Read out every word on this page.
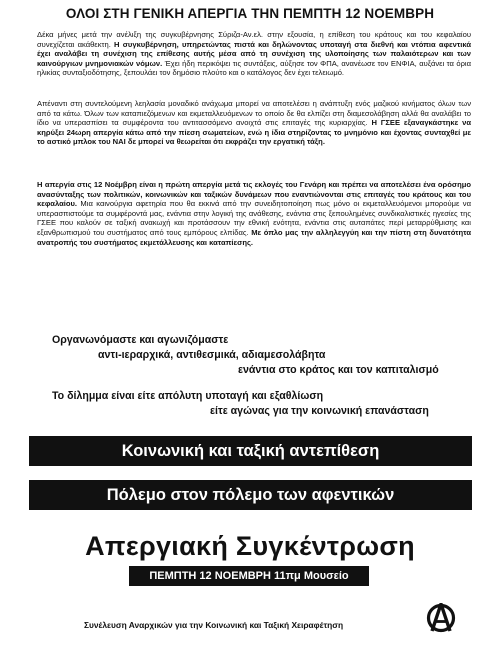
ΟΛΟΙ ΣΤΗ ΓΕΝΙΚΗ ΑΠΕΡΓΙΑ ΤΗΝ ΠΕΜΠΤΗ 12 ΝΟΕΜΒΡΗ

Δέκα μήνες μετά την ανέλιξη της συγκυβέρνησης Σύριζα-Αν.ελ. στην εξουσία, η επίθεση του κράτους και του κεφαλαίου συνεχίζεται ακάθεκτη. Η συγκυβέρνηση, υπηρετώντας πιστά και δηλώνοντας υποταγή στα διεθνή και ντόπια αφεντικά έχει αναλάβει τη συνέχιση της επίθεσης αυτής μέσα από τη συνέχιση της υλοποίησης των παλαιότερων και των καινούργιων μνημονιακών νόμων. Έχει ήδη περικόψει τις συντάξεις, αύξησε τον ΦΠΑ, ανανέωσε τον ΕΝΦΙΑ, αυξάνει τα όρια ηλικίας συνταξιοδότησης, ξεπουλάει τον δημόσιο πλούτο και ο κατάλογος δεν έχει τελειωμό.

Απέναντι στη συντελούμενη λεηλασία μοναδικό ανάχωμα μπορεί να αποτελέσει η ανάπτυξη ενός μαζικού κινήματος όλων των από τα κάτω. Όλων των καταπιεζόμενων και εκμεταλλευόμενων το οποίο δε θα ελπίζει στη διαμεσολάβηση αλλά θα αναλάβει το ίδιο να υπερασπίσει τα συμφέροντα του αντιτασσόμενο ανοιχτά στις επιταγές της κυριαρχίας. Η ΓΣΕΕ εξαναγκάστηκε να κηρύξει 24ωρη απεργία κάτω από την πίεση σωματείων, ενώ η ίδια στηρίζοντας το μνημόνιο και έχοντας συνταχθεί με το αστικό μπλοκ του ΝΑΙ δε μπορεί να θεωρείται ότι εκφράζει την εργατική τάξη.

Η απεργία στις 12 Νοέμβρη είναι η πρώτη απεργία μετά τις εκλογές του Γενάρη και πρέπει να αποτελέσει ένα ορόσημο ανασύνταξης των πολιτικών, κοινωνικών και ταξικών δυνάμεων που εναντιώνονται στις επιταγές του κράτους και του κεφαλαίου. Μια καινούργια αφετηρία που θα εκκινά από την συνειδητοποίηση πως μόνο οι εκμεταλλευόμενοι μπορούμε να υπερασπιστούμε τα συμφέροντά μας, ενάντια στην λογική της ανάθεσης, ενάντια στις ξεπουλημένες συνδικαλιστικές ηγεσίες της ΓΣΕΕ που καλούν σε ταξική ανακωχή και προτάσσουν την εθνική ενότητα, ενάντια στις αυταπάτες περί μεταρρύθμισης και εξανθρωπισμού του συστήματος από τους εμπόρους ελπίδας. Με όπλο μας την αλληλεγγύη και την πίστη στη δυνατότητα ανατροπής του συστήματος εκμετάλλευσης και καταπίεσης.

Οργανωνόμαστε και αγωνιζόμαστε
αντι-ιεραρχικά, αντιθεσμικά, αδιαμεσολάβητα
ενάντια στο κράτος και τον καπιταλισμό
Το δίλημμα είναι είτε απόλυτη υποταγή και εξαθλίωση
είτε αγώνας για την κοινωνική επανάσταση
Κοινωνική και ταξική αντεπίθεση
Πόλεμο στον πόλεμο των αφεντικών
Απεργιακή Συγκέντρωση
ΠΕΜΠΤΗ 12 ΝΟΕΜΒΡΗ 11πμ Μουσείο
Συνέλευση Αναρχικών για την Κοινωνική και Ταξική Χειραφέτηση
